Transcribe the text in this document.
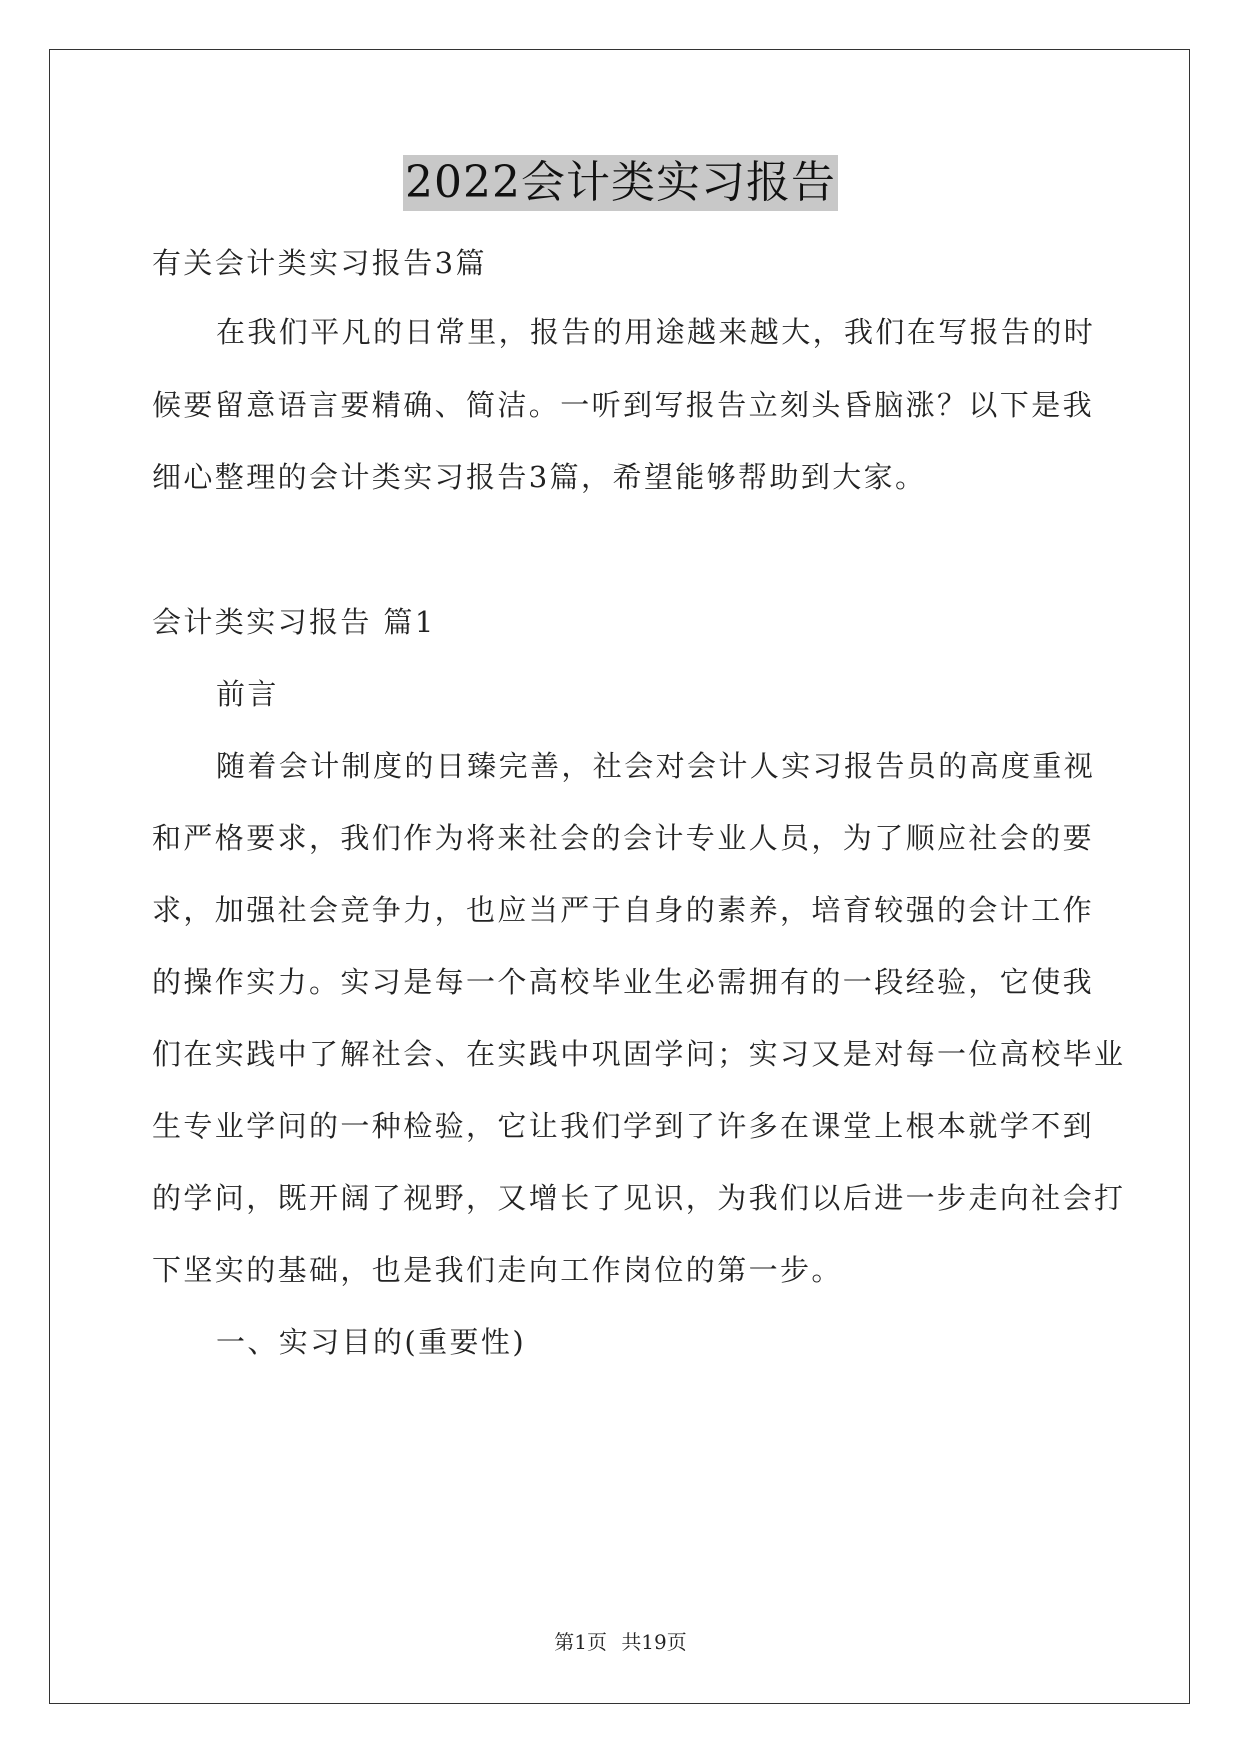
2022会计类实习报告
有关会计类实习报告3篇
在我们平凡的日常里，报告的用途越来越大，我们在写报告的时
候要留意语言要精确、简洁。一听到写报告立刻头昏脑涨？以下是我
细心整理的会计类实习报告3篇，希望能够帮助到大家。
会计类实习报告 篇1
前言
随着会计制度的日臻完善，社会对会计人实习报告员的高度重视
和严格要求，我们作为将来社会的会计专业人员，为了顺应社会的要
求，加强社会竞争力，也应当严于自身的素养，培育较强的会计工作
的操作实力。实习是每一个高校毕业生必需拥有的一段经验，它使我
们在实践中了解社会、在实践中巩固学问；实习又是对每一位高校毕业
生专业学问的一种检验，它让我们学到了许多在课堂上根本就学不到
的学问，既开阔了视野，又增长了见识，为我们以后进一步走向社会打
下坚实的基础，也是我们走向工作岗位的第一步。
一、实习目的(重要性)
第1页 共19页
